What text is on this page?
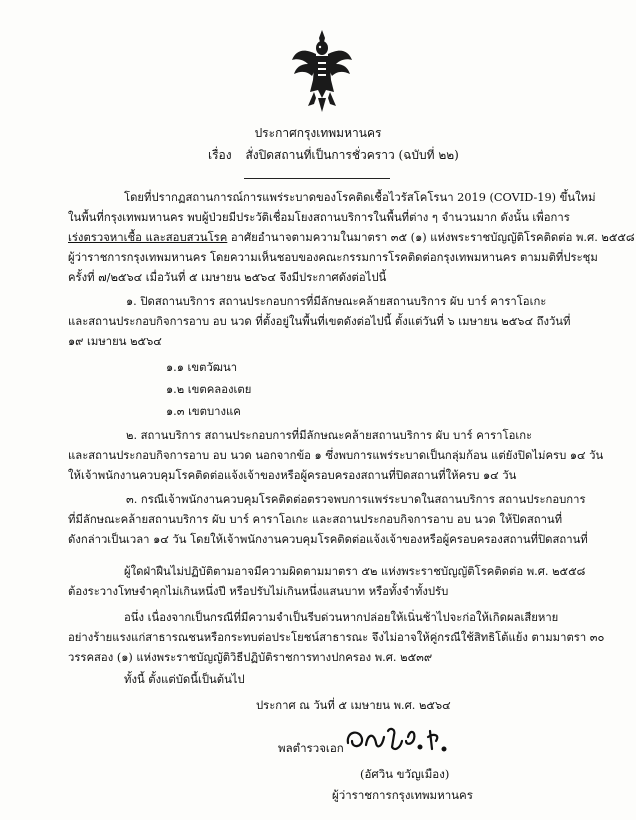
ประกาศกรุงเทพมหานคร
เรื่อง สั่งปิดสถานที่เป็นการชั่วคราว (ฉบับที่ ๒๒)
โดยที่ปรากฏสถานการณ์การแพร่ระบาดของโรคติดเชื้อไวรัสโคโรนา 2019 (COVID-19) ขึ้นใหม่
ในพื้นที่กรุงเทพมหานคร พบผู้ป่วยมีประวัติเชื่อมโยงสถานบริการในพื้นที่ต่าง ๆ จำนวนมาก ดังนั้น เพื่อการ
เร่งตรวจหาเชื้อ และสอบสวนโรค อาศัยอำนาจตามความในมาตรา ๓๕ (๑) แห่งพระราชบัญญัติโรคติดต่อ พ.ศ. ๒๕๕๘
ผู้ว่าราชการกรุงเทพมหานคร โดยความเห็นชอบของคณะกรรมการโรคติดต่อกรุงเทพมหานคร ตามมติที่ประชุม
ครั้งที่ ๗/๒๕๖๔ เมื่อวันที่ ๕ เมษายน ๒๕๖๔ จึงมีประกาศดังต่อไปนี้
๑. ปิดสถานบริการ สถานประกอบการที่มีลักษณะคล้ายสถานบริการ ผับ บาร์ คาราโอเกะ
และสถานประกอบกิจการอาบ อบ นวด ที่ตั้งอยู่ในพื้นที่เขตดังต่อไปนี้ ตั้งแต่วันที่ ๖ เมษายน ๒๕๖๔ ถึงวันที่
๑๙ เมษายน ๒๕๖๔
๑.๑ เขตวัฒนา
๑.๒ เขตคลองเตย
๑.๓ เขตบางแค
๒. สถานบริการ สถานประกอบการที่มีลักษณะคล้ายสถานบริการ ผับ บาร์ คาราโอเกะ
และสถานประกอบกิจการอาบ อบ นวด นอกจากข้อ ๑ ซึ่งพบการแพร่ระบาดเป็นกลุ่มก้อน แต่ยังปิดไม่ครบ ๑๔ วัน
ให้เจ้าพนักงานควบคุมโรคติดต่อแจ้งเจ้าของหรือผู้ครอบครองสถานที่ปิดสถานที่ให้ครบ ๑๔ วัน
๓. กรณีเจ้าพนักงานควบคุมโรคติดต่อตรวจพบการแพร่ระบาดในสถานบริการ สถานประกอบการ
ที่มีลักษณะคล้ายสถานบริการ ผับ บาร์ คาราโอเกะ และสถานประกอบกิจการอาบ อบ นวด ให้ปิดสถานที่
ดังกล่าวเป็นเวลา ๑๔ วัน โดยให้เจ้าพนักงานควบคุมโรคติดต่อแจ้งเจ้าของหรือผู้ครอบครองสถานที่ปิดสถานที่
ผู้ใดฝ่าฝืนไม่ปฏิบัติตามอาจมีความผิดตามมาตรา ๕๒ แห่งพระราชบัญญัติโรคติดต่อ พ.ศ. ๒๕๕๘
ต้องระวางโทษจำคุกไม่เกินหนึ่งปี หรือปรับไม่เกินหนึ่งแสนบาท หรือทั้งจำทั้งปรับ
อนึ่ง เนื่องจากเป็นกรณีที่มีความจำเป็นรีบด่วนหากปล่อยให้เนิ่นช้าไปจะก่อให้เกิดผลเสียหาย
อย่างร้ายแรงแก่สาธารณชนหรือกระทบต่อประโยชน์สาธารณะ จึงไม่อาจให้คู่กรณีใช้สิทธิโต้แย้ง ตามมาตรา ๓๐
วรรคสอง (๑) แห่งพระราชบัญญัติวิธีปฏิบัติราชการทางปกครอง พ.ศ. ๒๕๓๙
ทั้งนี้ ตั้งแต่บัดนี้เป็นต้นไป
ประกาศ ณ วันที่ ๕ เมษายน พ.ศ. ๒๕๖๔
พลตำรวจเอก
(อัศวิน ขวัญเมือง)
ผู้ว่าราชการกรุงเทพมหานคร
